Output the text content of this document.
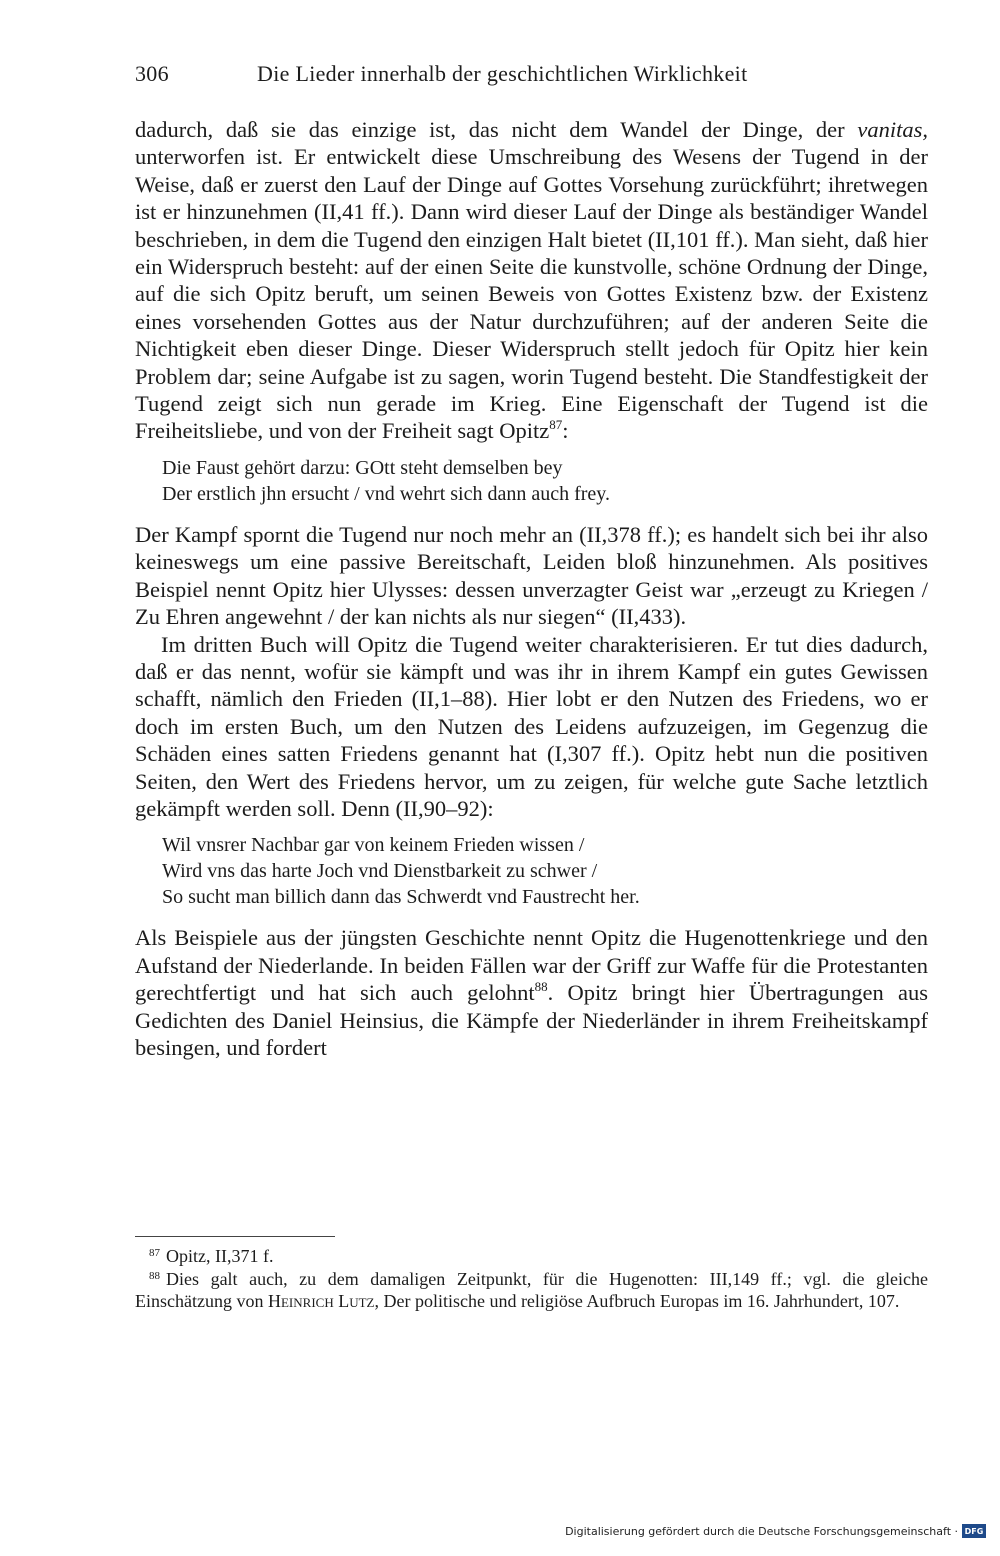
306	Die Lieder innerhalb der geschichtlichen Wirklichkeit

dadurch, daß sie das einzige ist, das nicht dem Wandel der Dinge, der vanitas, unterworfen ist. Er entwickelt diese Umschreibung des Wesens der Tugend in der Weise, daß er zuerst den Lauf der Dinge auf Gottes Vorsehung zurückführt; ihretwegen ist er hinzunehmen (II,41 ff.). Dann wird dieser Lauf der Dinge als beständiger Wandel beschrieben, in dem die Tugend den einzigen Halt bietet (II,101 ff.). Man sieht, daß hier ein Widerspruch besteht: auf der einen Seite die kunstvolle, schöne Ordnung der Dinge, auf die sich Opitz beruft, um seinen Beweis von Gottes Existenz bzw. der Existenz eines vorsehenden Gottes aus der Natur durchzuführen; auf der anderen Seite die Nichtigkeit eben dieser Dinge. Dieser Widerspruch stellt jedoch für Opitz hier kein Problem dar; seine Aufgabe ist zu sagen, worin Tugend besteht. Die Standfestigkeit der Tugend zeigt sich nun gerade im Krieg. Eine Eigenschaft der Tugend ist die Freiheitsliebe, und von der Freiheit sagt Opitz$^{87}$:

Die Faust gehört darzu: GOtt steht demselben bey
Der erstlich jhn ersucht / vnd wehrt sich dann auch frey.

Der Kampf spornt die Tugend nur noch mehr an (II,378 ff.); es handelt sich bei ihr also keineswegs um eine passive Bereitschaft, Leiden bloß hinzunehmen. Als positives Beispiel nennt Opitz hier Ulysses: dessen unverzagter Geist war „erzeugt zu Kriegen / Zu Ehren angewehnt / der kan nichts als nur siegen“ (II,433).

Im dritten Buch will Opitz die Tugend weiter charakterisieren. Er tut dies dadurch, daß er das nennt, wofür sie kämpft und was ihr in ihrem Kampf ein gutes Gewissen schafft, nämlich den Frieden (II,1–88). Hier lobt er den Nutzen des Friedens, wo er doch im ersten Buch, um den Nutzen des Leidens aufzuzeigen, im Gegenzug die Schäden eines satten Friedens genannt hat (I,307 ff.). Opitz hebt nun die positiven Seiten, den Wert des Friedens hervor, um zu zeigen, für welche gute Sache letztlich gekämpft werden soll. Denn (II,90–92):

Wil vnsrer Nachbar gar von keinem Frieden wissen /
Wird vns das harte Joch vnd Dienstbarkeit zu schwer /
So sucht man billich dann das Schwerdt vnd Faustrecht her.

Als Beispiele aus der jüngsten Geschichte nennt Opitz die Hugenottenkriege und den Aufstand der Niederlande. In beiden Fällen war der Griff zur Waffe für die Protestanten gerechtfertigt und hat sich auch gelohnt$^{88}$. Opitz bringt hier Übertragungen aus Gedichten des Daniel Heinsius, die Kämpfe der Niederländer in ihrem Freiheitskampf besingen, und fordert

$^{87}$ Opitz, II,371 f.

$^{88}$ Dies galt auch, zu dem damaligen Zeitpunkt, für die Hugenotten: III,149 ff.; vgl. die gleiche Einschätzung von Heinrich Lutz, Der politische und religiöse Aufbruch Europas im 16. Jahrhundert, 107.

Digitalisierung gefördert durch die Deutsche Forschungsgemeinschaft · DFG
